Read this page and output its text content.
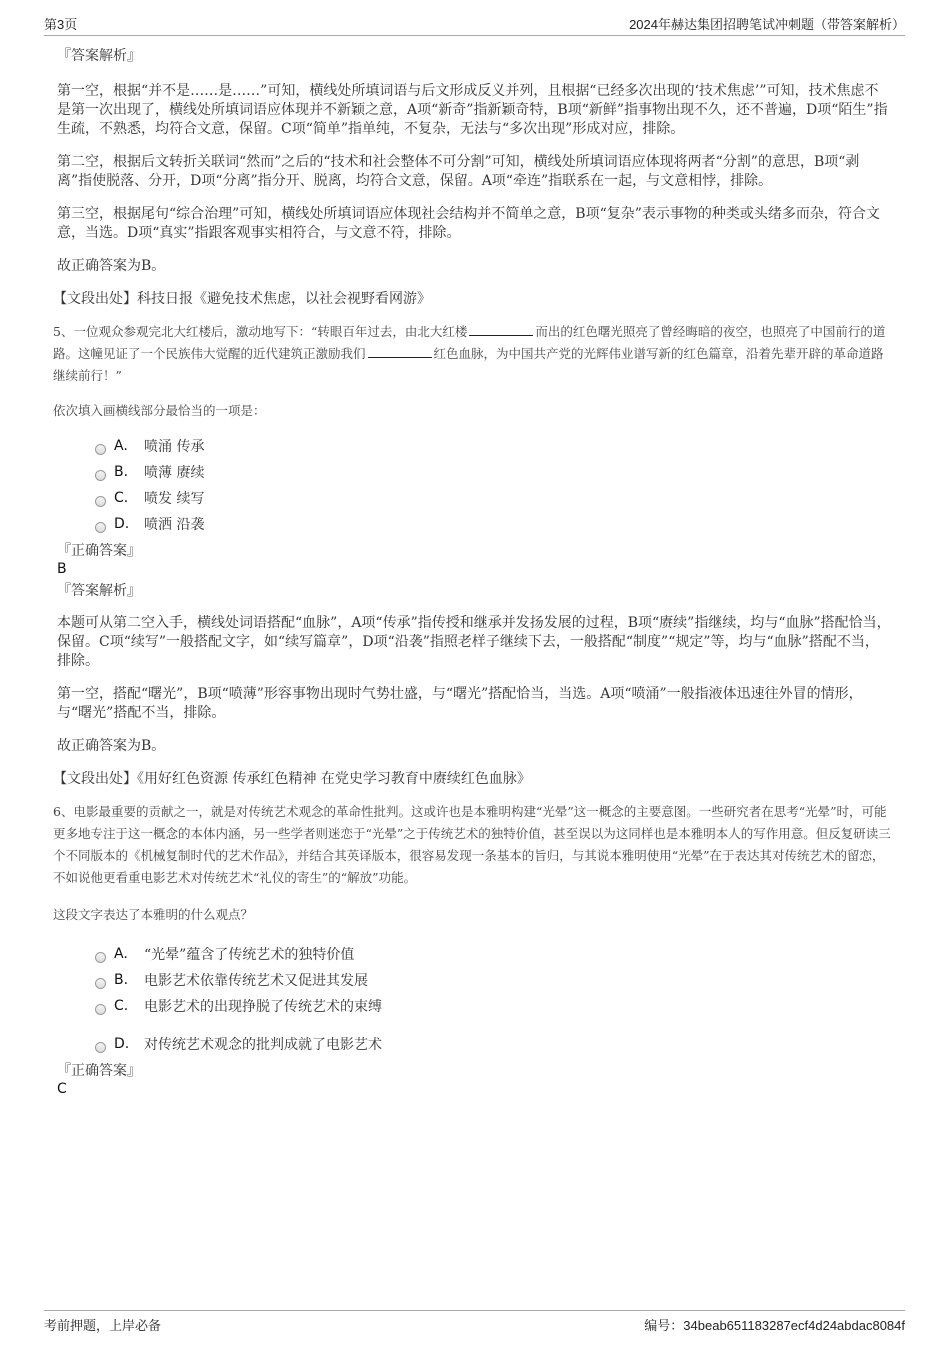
第3页	2024年赫达集团招聘笔试冲刺题（带答案解析）
『答案解析』

第一空，根据“并不是……是……”可知，横线处所填词语与后文形成反义并列，且根据“已经多次出现的‘技术焦虑’”可知，技术焦虑不是第一次出现了，横线处所填词语应体现并不新颖之意，A项“新奇”指新颖奇特，B项“新鲜”指事物出现不久，还不普遍，D项“陌生”指生疏，不熟悉，均符合文意，保留。C项“简单”指单纯，不复杂，无法与“多次出现”形成对应，排除。

第二空，根据后文转折关联词“然而”之后的“技术和社会整体不可分割”可知，横线处所填词语应体现将两者“分割”的意思，B项“剥离”指使脱落、分开，D项“分离”指分开、脱离，均符合文意，保留。A项“牵连”指联系在一起，与文意相悖，排除。

第三空，根据尾句“综合治理”可知，横线处所填词语应体现社会结构并不简单之意，B项“复杂”表示事物的种类或头绪多而杂，符合文意，当选。D项“真实”指跟客观事实相符合，与文意不符，排除。

故正确答案为B。

【文段出处】科技日报《避免技术焦虑，以社会视野看网游》

5、一位观众参观完北大红楼后，激动地写下：“转眼百年过去，由北大红楼	而出的红色曙光照亮了曾经晦暗的夜空，也照亮了中国前行的道路。这幢见证了一个民族伟大觉醒的近代建筑正激励我们	红色血脉，为中国共产党的光辉伟业谱写新的红色篇章，沿着先辈开辟的革命道路继续前行！”

依次填入画横线部分最恰当的一项是：

A.	喷涌 传承
B.	喷薄 赓续
C.	喷发 续写
D.	喷洒 沿袭
『正确答案』
B
『答案解析』

本题可从第二空入手，横线处词语搭配“血脉”，A项“传承”指传授和继承并发扬发展的过程，B项“赓续”指继续，均与“血脉”搭配恰当，保留。C项“续写”一般搭配文字，如“续写篇章”，D项“沿袭”指照老样子继续下去，一般搭配“制度”“规定”等，均与“血脉”搭配不当，排除。

第一空，搭配“曙光”，B项“喷薄”形容事物出现时气势壮盛，与“曙光”搭配恰当，当选。A项“喷涌”一般指液体迅速往外冒的情形，与“曙光”搭配不当，排除。

故正确答案为B。

【文段出处】《用好红色资源 传承红色精神 在党史学习教育中赓续红色血脉》

6、电影最重要的贡献之一，就是对传统艺术观念的革命性批判。这或许也是本雅明构建“光晕”这一概念的主要意图。一些研究者在思考“光晕”时，可能更多地专注于这一概念的本体内涵，另一些学者则迷恋于“光晕”之于传统艺术的独特价值，甚至误以为这同样也是本雅明本人的写作用意。但反复研读三个不同版本的《机械复制时代的艺术作品》，并结合其英译版本，很容易发现一条基本的旨归，与其说本雅明使用“光晕”在于表达其对传统艺术的留恋，不如说他更看重电影艺术对传统艺术“礼仪的寄生”的“解放”功能。

这段文字表达了本雅明的什么观点？

A.	“光晕”蕴含了传统艺术的独特价值
B.	电影艺术依靠传统艺术又促进其发展
C.	电影艺术的出现挣脱了传统艺术的束缚
D.	对传统艺术观念的批判成就了电影艺术
『正确答案』
C
考前押题，上岸必备	编号：34beab651183287ecf4d24abdac8084f
